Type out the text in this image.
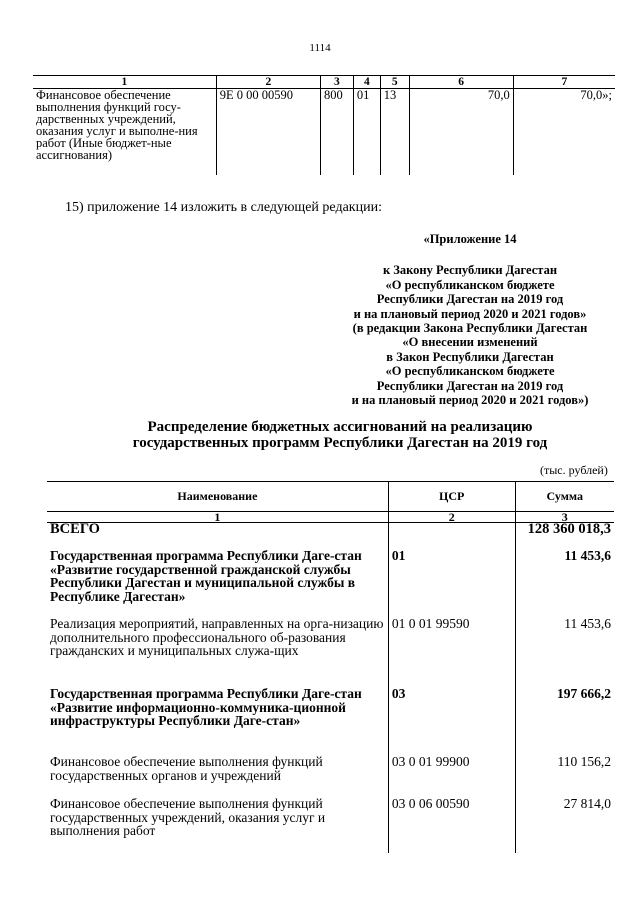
1114
1	2	3	4	5	6	7
Финансовое обеспечение выполнения функций госу-дарственных учреждений, оказания услуг и выполне-ния работ (Иные бюджет-ные ассигнования)	9Е 0 00 00590	800	01	13	70,0	70,0»;
15) приложение 14 изложить в следующей редакции:
«Приложение 14
к Закону Республики Дагестан
«О республиканском бюджете
Республики Дагестан на 2019 год
и на плановый период 2020 и 2021 годов»
(в редакции Закона Республики Дагестан
«О внесении изменений
в Закон Республики Дагестан
«О республиканском бюджете
Республики Дагестан на 2019 год
и на плановый период 2020 и 2021 годов»)
Распределение бюджетных ассигнований на реализацию
государственных программ Республики Дагестан на 2019 год
(тыс. рублей)
Наименование	ЦСР	Сумма
1	2	3
ВСЕГО		128 360 018,3
Государственная программа Республики Даге-стан «Развитие государственной гражданской службы Республики Дагестан и муниципальной службы в Республике Дагестан»	01	11 453,6
Реализация мероприятий, направленных на орга-низацию дополнительного профессионального об-разования гражданских и муниципальных служа-щих	01 0 01 99590	11 453,6
Государственная программа Республики Даге-стан «Развитие информационно-коммуника-ционной инфраструктуры Республики Даге-стан»	03	197 666,2
Финансовое обеспечение выполнения функций государственных органов и учреждений	03 0 01 99900	110 156,2
Финансовое обеспечение выполнения функций государственных учреждений, оказания услуг и выполнения работ	03 0 06 00590	27 814,0
